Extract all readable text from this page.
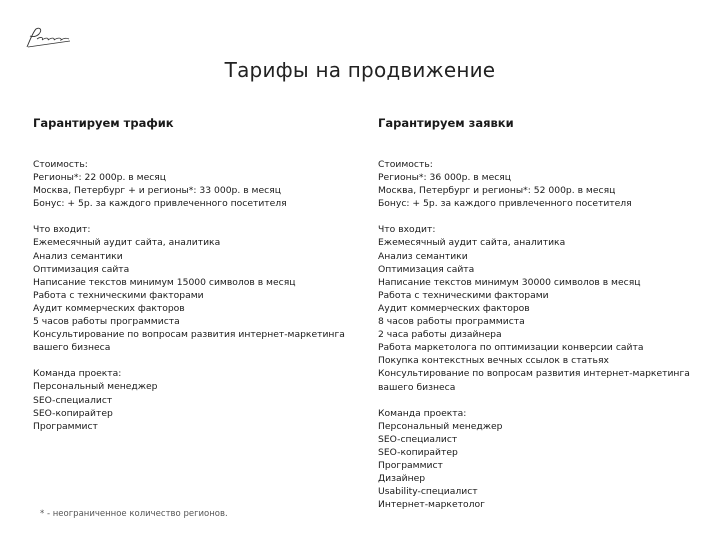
Тарифы на продвижение
Гарантируем трафик
Стоимость:
Регионы*: 22 000р. в месяц
Москва, Петербург + и регионы*: 33 000р. в месяц
Бонус: + 5р. за каждого привлеченного посетителя
Что входит:
Ежемесячный аудит сайта, аналитика
Анализ семантики
Оптимизация сайта
Написание текстов минимум 15000 символов в месяц
Работа с техническими факторами
Аудит коммерческих факторов
5 часов работы программиста
Консультирование по вопросам развития интернет-маркетинга
вашего бизнеса
Команда проекта:
Персональный менеджер
SEO-специалист
SEO-копирайтер
Программист
Гарантируем заявки
Стоимость:
Регионы*: 36 000р. в месяц
Москва, Петербург и регионы*: 52 000р. в месяц
Бонус: + 5р. за каждого привлеченного посетителя
Что входит:
Ежемесячный аудит сайта, аналитика
Анализ семантики
Оптимизация сайта
Написание текстов минимум 30000 символов в месяц
Работа с техническими факторами
Аудит коммерческих факторов
8 часов работы программиста
2 часа работы дизайнера
Работа маркетолога по оптимизации конверсии сайта
Покупка контекстных вечных ссылок в статьях
Консультирование по вопросам развития интернет-маркетинга
вашего бизнеса
Команда проекта:
Персональный менеджер
SEO-специалист
SEO-копирайтер
Программист
Дизайнер
Usability-специалист
Интернет-маркетолог
* - неограниченное количество регионов.
